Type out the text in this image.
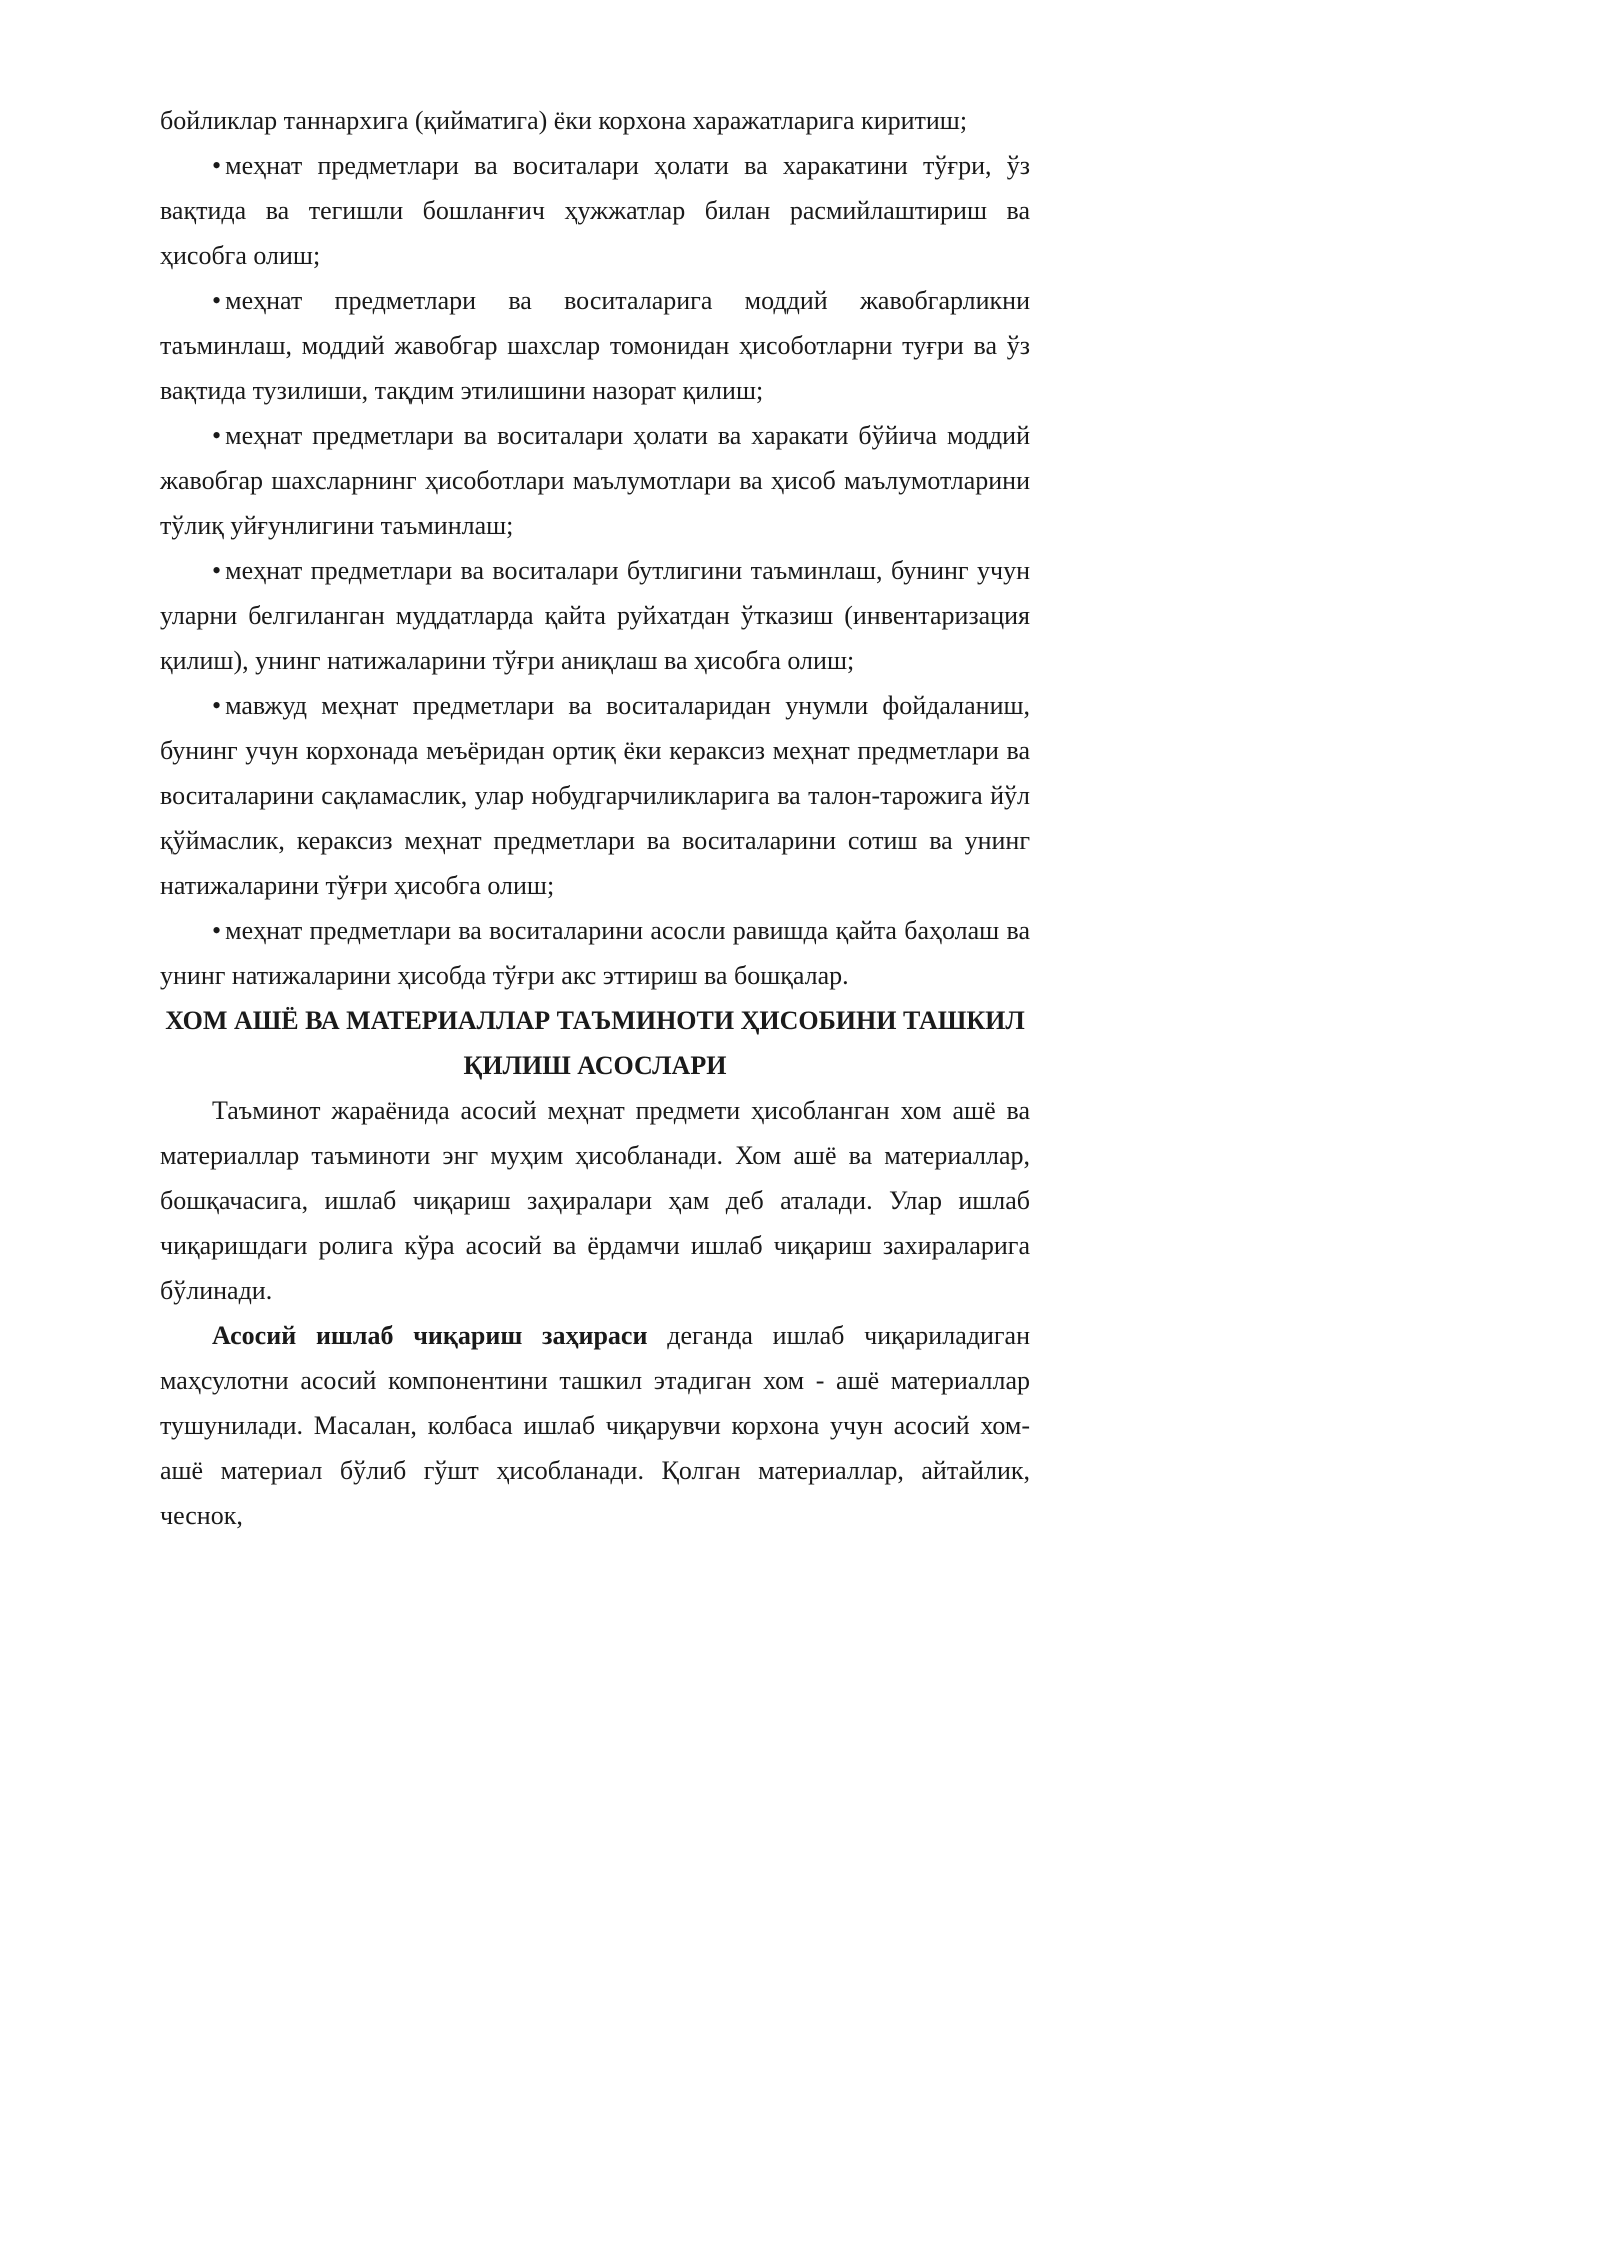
бойликлар таннархига (қийматига) ёки корхона харажатларига киритиш;

• меҳнат предметлари ва воситалари ҳолати ва харакатини тўғри, ўз вақтида ва тегишли бошланғич ҳужжатлар билан расмийлаштириш ва ҳисобга олиш;

• меҳнат предметлари ва воситаларига моддий жавобгарликни таъминлаш, моддий жавобгар шахслар томонидан ҳисоботларни туғри ва ўз вақтида тузилиши, тақдим этилишини назорат қилиш;

• меҳнат предметлари ва воситалари ҳолати ва харакати бўйича моддий жавобгар шахсларнинг ҳисоботлари маълумотлари ва ҳисоб маълумотларини тўлиқ уйғунлигини таъминлаш;

• меҳнат предметлари ва воситалари бутлигини таъминлаш, бунинг учун уларни белгиланган муддатларда қайта руйхатдан ўтказиш (инвентаризация қилиш), унинг натижаларини тўғри аниқлаш ва ҳисобга олиш;

• мавжуд меҳнат предметлари ва воситаларидан унумли фойдаланиш, бунинг учун корхонада меъёридан ортиқ ёки кераксиз меҳнат предметлари ва воситаларини сақламаслик, улар нобудгарчиликларига ва талон-тарожига йўл қўймаслик, кераксиз меҳнат предметлари ва воситаларини сотиш ва унинг натижаларини тўғри ҳисобга олиш;

• меҳнат предметлари ва воситаларини асосли равишда қайта баҳолаш ва унинг натижаларини ҳисобда тўғри акс эттириш ва бошқалар.

ХОМ АШЁ ВА МАТЕРИАЛЛАР ТАЪМИНОТИ ҲИСОБИНИ ТАШКИЛ

ҚИЛИШ АСОСЛАРИ

Таъминот жараёнида асосий меҳнат предмети ҳисобланган хом ашё ва материаллар таъминоти энг муҳим ҳисобланади. Хом ашё ва материаллар, бошқачасига, ишлаб чиқариш заҳиралари ҳам деб аталади. Улар ишлаб чиқаришдаги ролига кўра асосий ва ёрдамчи ишлаб чиқариш захираларига бўлинади.

Асосий ишлаб чиқариш заҳираси деганда ишлаб чиқариладиган маҳсулотни асосий компонентини ташкил этадиган хом - ашё материаллар тушунилади. Масалан, колбаса ишлаб чиқарувчи корхона учун асосий хом-ашё материал бўлиб гўшт ҳисобланади. Қолган материаллар, айтайлик, чеснок,
